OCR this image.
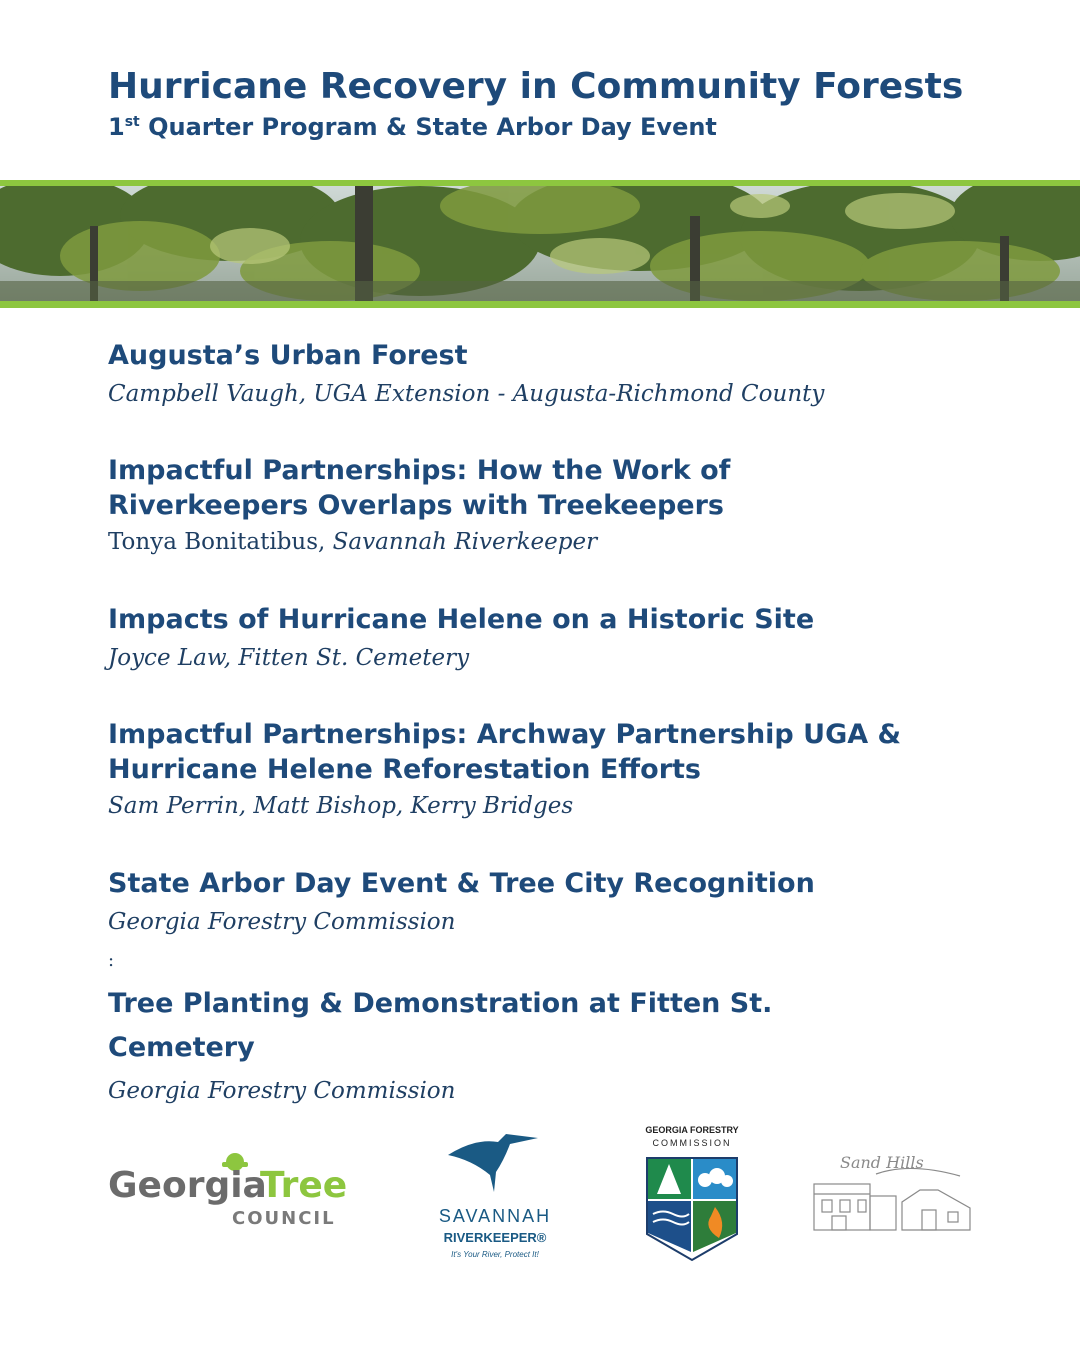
Hurricane Recovery in Community Forests
1st Quarter Program & State Arbor Day Event
Augusta’s Urban Forest
Campbell Vaugh, UGA Extension - Augusta-Richmond County
Impactful Partnerships: How the Work of
Riverkeepers Overlaps with Treekeepers
Tonya Bonitatibus, Savannah Riverkeeper
Impacts of Hurricane Helene on a Historic Site
Joyce Law, Fitten St. Cemetery
Impactful Partnerships: Archway Partnership UGA &
Hurricane Helene Reforestation Efforts
Sam Perrin, Matt Bishop, Kerry Bridges
State Arbor Day Event & Tree City Recognition
Georgia Forestry Commission
:
Tree Planting & Demonstration at Fitten St.
Cemetery
Georgia Forestry Commission
Georgia
Tree
COUNCIL	SAVANNAH
RIVERKEEPER®
It's Your River, Protect It!
GEORGIA FORESTRY
COMMISSION
Sand Hills
